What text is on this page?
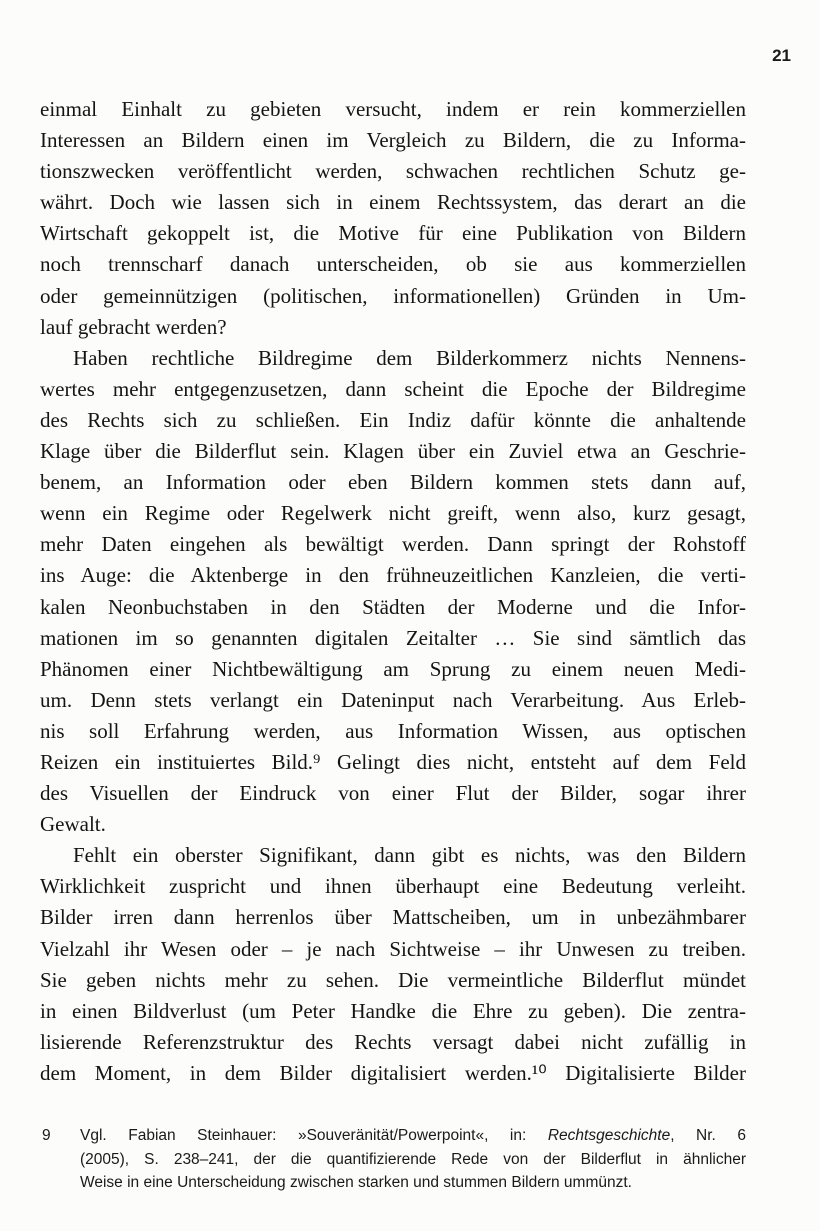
21
einmal Einhalt zu gebieten versucht, indem er rein kommerziellen
Interessen an Bildern einen im Vergleich zu Bildern, die zu Informa-
tionszwecken veröffentlicht werden, schwachen rechtlichen Schutz ge-
währt. Doch wie lassen sich in einem Rechtssystem, das derart an die
Wirtschaft gekoppelt ist, die Motive für eine Publikation von Bildern
noch trennscharf danach unterscheiden, ob sie aus kommerziellen
oder gemeinnützigen (politischen, informationellen) Gründen in Um-
lauf gebracht werden?
Haben rechtliche Bildregime dem Bilderkommerz nichts Nennens-
wertes mehr entgegenzusetzen, dann scheint die Epoche der Bildregime
des Rechts sich zu schließen. Ein Indiz dafür könnte die anhaltende
Klage über die Bilderflut sein. Klagen über ein Zuviel etwa an Geschrie-
benem, an Information oder eben Bildern kommen stets dann auf,
wenn ein Regime oder Regelwerk nicht greift, wenn also, kurz gesagt,
mehr Daten eingehen als bewältigt werden. Dann springt der Rohstoff
ins Auge: die Aktenberge in den frühneuzeitlichen Kanzleien, die verti-
kalen Neonbuchstaben in den Städten der Moderne und die Infor-
mationen im so genannten digitalen Zeitalter … Sie sind sämtlich das
Phänomen einer Nichtbewältigung am Sprung zu einem neuen Medi-
um. Denn stets verlangt ein Dateninput nach Verarbeitung. Aus Erleb-
nis soll Erfahrung werden, aus Information Wissen, aus optischen
Reizen ein instituiertes Bild.⁹ Gelingt dies nicht, entsteht auf dem Feld
des Visuellen der Eindruck von einer Flut der Bilder, sogar ihrer
Gewalt.
Fehlt ein oberster Signifikant, dann gibt es nichts, was den Bildern
Wirklichkeit zuspricht und ihnen überhaupt eine Bedeutung verleiht.
Bilder irren dann herrenlos über Mattscheiben, um in unbezähmbarer
Vielzahl ihr Wesen oder – je nach Sichtweise – ihr Unwesen zu treiben.
Sie geben nichts mehr zu sehen. Die vermeintliche Bilderflut mündet
in einen Bildverlust (um Peter Handke die Ehre zu geben). Die zentra-
lisierende Referenzstruktur des Rechts versagt dabei nicht zufällig in
dem Moment, in dem Bilder digitalisiert werden.¹⁰ Digitalisierte Bilder
9 Vgl. Fabian Steinhauer: »Souveränität/Powerpoint«, in: Rechtsgeschichte, Nr. 6
(2005), S. 238–241, der die quantifizierende Rede von der Bilderflut in ähnlicher
Weise in eine Unterscheidung zwischen starken und stummen Bildern ummünzt.
